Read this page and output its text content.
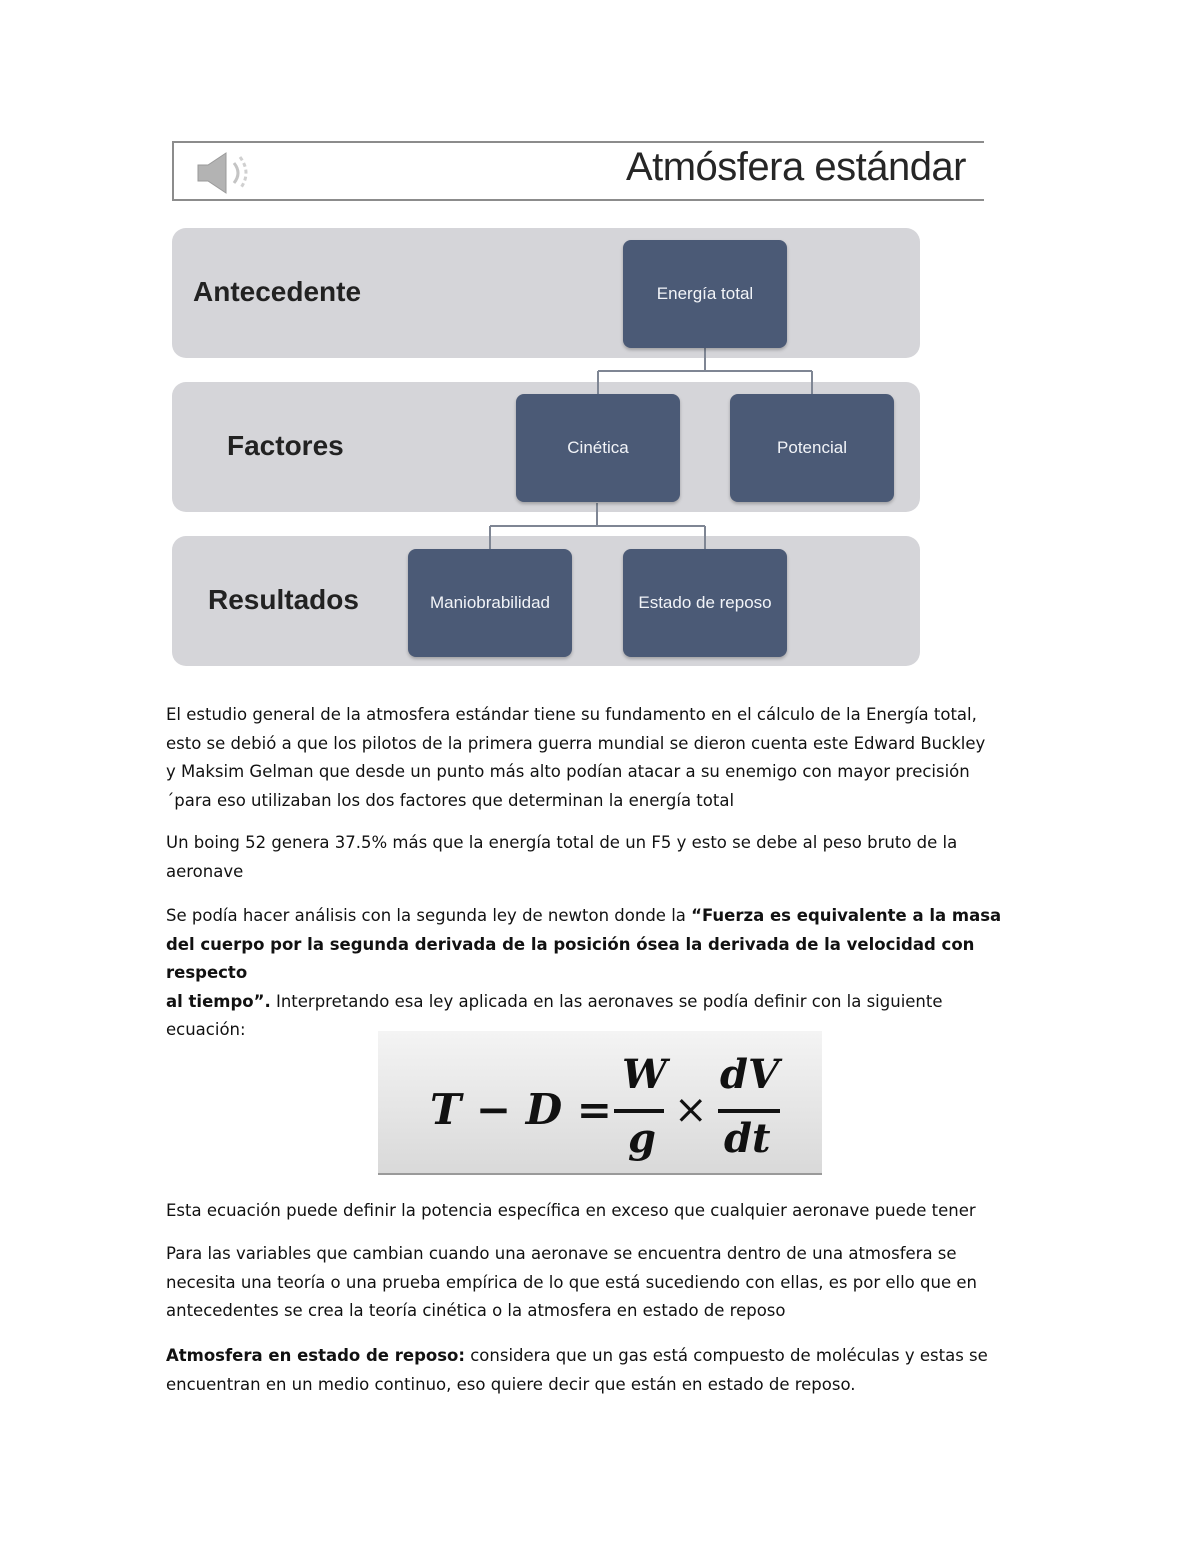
Atmósfera estándar
Antecedente
Factores
Resultados
Energía total
Cinética	Potencial
Maniobrabilidad	Estado de reposo

El estudio general de la atmosfera estándar tiene su fundamento en el cálculo de la Energía total,
esto se debió a que los pilotos de la primera guerra mundial se dieron cuenta este Edward Buckley
y Maksim Gelman que desde un punto más alto podían atacar a su enemigo con mayor precisión
´para eso utilizaban los dos factores que determinan la energía total

Un boing 52 genera 37.5% más que la energía total de un F5 y esto se debe al peso bruto de la
aeronave

Se podía hacer análisis con la segunda ley de newton donde la “Fuerza es equivalente a la masa
del cuerpo por la segunda derivada de la posición ósea la derivada de la velocidad con respecto
al tiempo”. Interpretando esa ley aplicada en las aeronaves se podía definir con la siguiente
ecuación:

T − D =
W
g
×
dV
dt

Esta ecuación puede definir la potencia específica en exceso que cualquier aeronave puede tener

Para las variables que cambian cuando una aeronave se encuentra dentro de una atmosfera se
necesita una teoría o una prueba empírica de lo que está sucediendo con ellas, es por ello que en
antecedentes se crea la teoría cinética o la atmosfera en estado de reposo

Atmosfera en estado de reposo: considera que un gas está compuesto de moléculas y estas se
encuentran en un medio continuo, eso quiere decir que están en estado de reposo.
